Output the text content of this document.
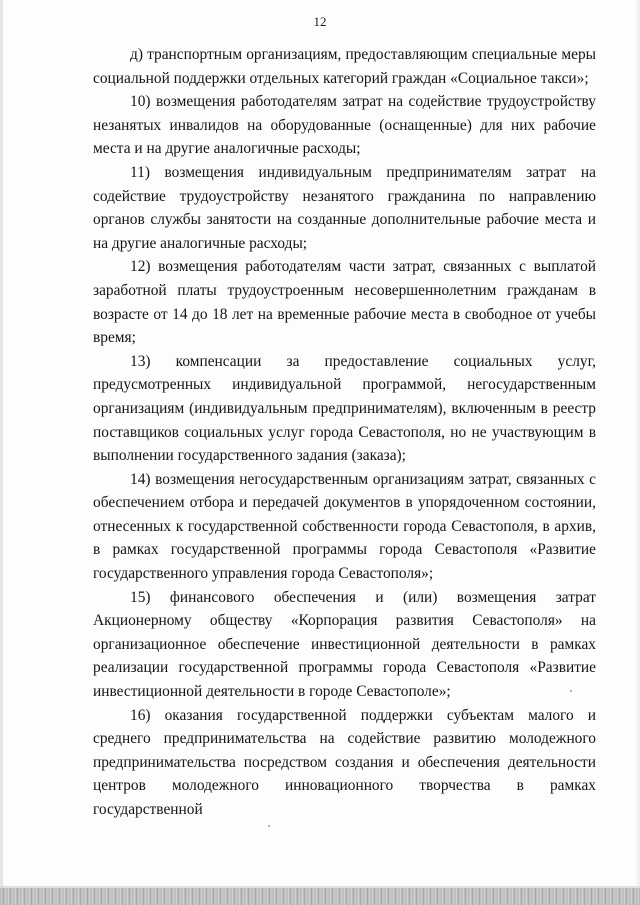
12

д) транспортным организациям, предоставляющим специальные меры социальной поддержки отдельных категорий граждан «Социальное такси»;

10) возмещения работодателям затрат на содействие трудоустройству незанятых инвалидов на оборудованные (оснащенные) для них рабочие места и на другие аналогичные расходы;

11) возмещения индивидуальным предпринимателям затрат на содействие трудоустройству незанятого гражданина по направлению органов службы занятости на созданные дополнительные рабочие места и на другие аналогичные расходы;

12) возмещения работодателям части затрат, связанных с выплатой заработной платы трудоустроенным несовершеннолетним гражданам в возрасте от 14 до 18 лет на временные рабочие места в свободное от учебы время;

13) компенсации за предоставление социальных услуг, предусмотренных индивидуальной программой, негосударственным организациям (индивидуальным предпринимателям), включенным в реестр поставщиков социальных услуг города Севастополя, но не участвующим в выполнении государственного задания (заказа);

14) возмещения негосударственным организациям затрат, связанных с обеспечением отбора и передачей документов в упорядоченном состоянии, отнесенных к государственной собственности города Севастополя, в архив, в рамках государственной программы города Севастополя «Развитие государственного управления города Севастополя»;

15) финансового обеспечения и (или) возмещения затрат Акционерному обществу «Корпорация развития Севастополя» на организационное обеспечение инвестиционной деятельности в рамках реализации государственной программы города Севастополя «Развитие инвестиционной деятельности в городе Севастополе»;

16) оказания государственной поддержки субъектам малого и среднего предпринимательства на содействие развитию молодежного предпринимательства посредством создания и обеспечения деятельности центров молодежного инновационного творчества в рамках государственной
